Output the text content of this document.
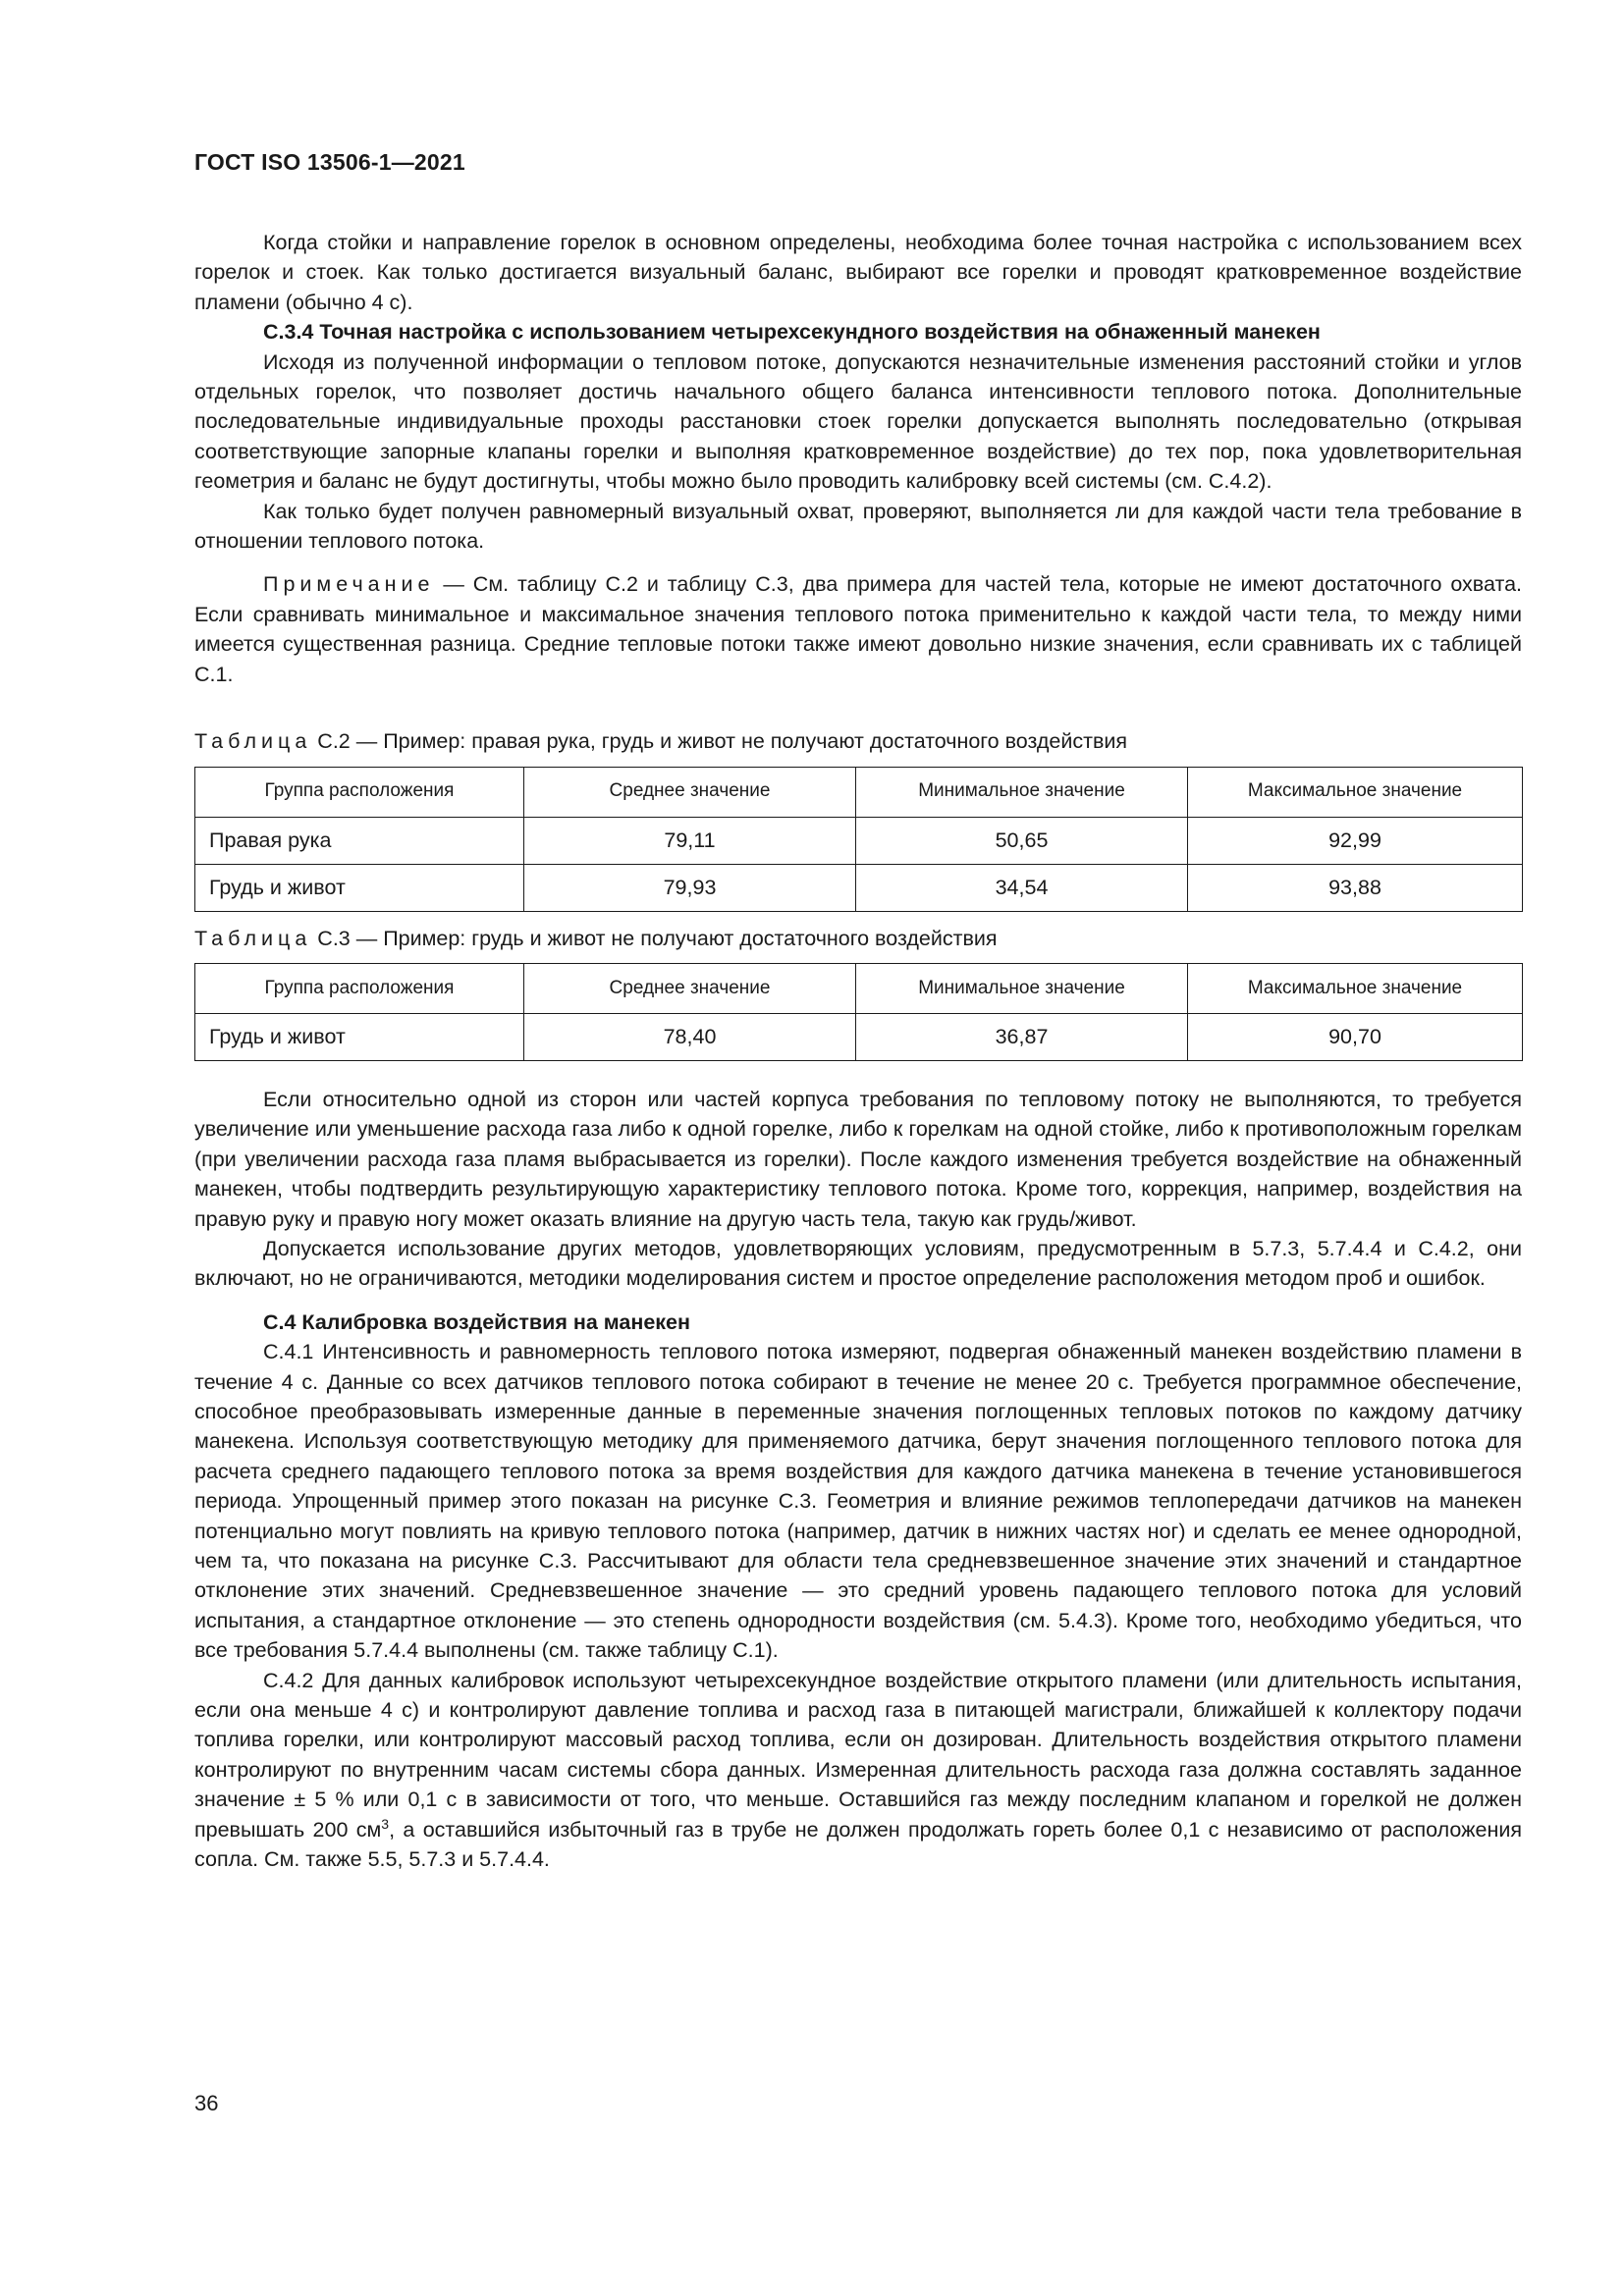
ГОСТ ISO 13506-1—2021

Когда стойки и направление горелок в основном определены, необходима более точная настройка с использованием всех горелок и стоек. Как только достигается визуальный баланс, выбирают все горелки и проводят кратковременное воздействие пламени (обычно 4 с).

С.3.4 Точная настройка с использованием четырехсекундного воздействия на обнаженный манекен

Исходя из полученной информации о тепловом потоке, допускаются незначительные изменения расстояний стойки и углов отдельных горелок, что позволяет достичь начального общего баланса интенсивности теплового потока. Дополнительные последовательные индивидуальные проходы расстановки стоек горелки допускается выполнять последовательно (открывая соответствующие запорные клапаны горелки и выполняя кратковременное воздействие) до тех пор, пока удовлетворительная геометрия и баланс не будут достигнуты, чтобы можно было проводить калибровку всей системы (см. С.4.2).

Как только будет получен равномерный визуальный охват, проверяют, выполняется ли для каждой части тела требование в отношении теплового потока.

Примечание — См. таблицу С.2 и таблицу С.3, два примера для частей тела, которые не имеют достаточного охвата. Если сравнивать минимальное и максимальное значения теплового потока применительно к каждой части тела, то между ними имеется существенная разница. Средние тепловые потоки также имеют довольно низкие значения, если сравнивать их с таблицей С.1.

Таблица С.2 — Пример: правая рука, грудь и живот не получают достаточного воздействия

Группа расположения	Среднее значение	Минимальное значение	Максимальное значение
Правая рука	79,11	50,65	92,99
Грудь и живот	79,93	34,54	93,88

Таблица С.3 — Пример: грудь и живот не получают достаточного воздействия

Группа расположения	Среднее значение	Минимальное значение	Максимальное значение
Грудь и живот	78,40	36,87	90,70

Если относительно одной из сторон или частей корпуса требования по тепловому потоку не выполняются, то требуется увеличение или уменьшение расхода газа либо к одной горелке, либо к горелкам на одной стойке, либо к противоположным горелкам (при увеличении расхода газа пламя выбрасывается из горелки). После каждого изменения требуется воздействие на обнаженный манекен, чтобы подтвердить результирующую характеристику теплового потока. Кроме того, коррекция, например, воздействия на правую руку и правую ногу может оказать влияние на другую часть тела, такую как грудь/живот.

Допускается использование других методов, удовлетворяющих условиям, предусмотренным в 5.7.3, 5.7.4.4 и С.4.2, они включают, но не ограничиваются, методики моделирования систем и простое определение расположения методом проб и ошибок.

С.4 Калибровка воздействия на манекен

С.4.1 Интенсивность и равномерность теплового потока измеряют, подвергая обнаженный манекен воздействию пламени в течение 4 с. Данные со всех датчиков теплового потока собирают в течение не менее 20 с. Требуется программное обеспечение, способное преобразовывать измеренные данные в переменные значения поглощенных тепловых потоков по каждому датчику манекена. Используя соответствующую методику для применяемого датчика, берут значения поглощенного теплового потока для расчета среднего падающего теплового потока за время воздействия для каждого датчика манекена в течение установившегося периода. Упрощенный пример этого показан на рисунке С.3. Геометрия и влияние режимов теплопередачи датчиков на манекен потенциально могут повлиять на кривую теплового потока (например, датчик в нижних частях ног) и сделать ее менее однородной, чем та, что показана на рисунке С.3. Рассчитывают для области тела средневзвешенное значение этих значений и стандартное отклонение этих значений. Средневзвешенное значение — это средний уровень падающего теплового потока для условий испытания, а стандартное отклонение — это степень однородности воздействия (см. 5.4.3). Кроме того, необходимо убедиться, что все требования 5.7.4.4 выполнены (см. также таблицу С.1).

С.4.2 Для данных калибровок используют четырехсекундное воздействие открытого пламени (или длительность испытания, если она меньше 4 с) и контролируют давление топлива и расход газа в питающей магистрали, ближайшей к коллектору подачи топлива горелки, или контролируют массовый расход топлива, если он дозирован. Длительность воздействия открытого пламени контролируют по внутренним часам системы сбора данных. Измеренная длительность расхода газа должна составлять заданное значение ± 5 % или 0,1 с в зависимости от того, что меньше. Оставшийся газ между последним клапаном и горелкой не должен превышать 200 $см^3$, а оставшийся избыточный газ в трубе не должен продолжать гореть более 0,1 с независимо от расположения сопла. См. также 5.5, 5.7.3 и 5.7.4.4.

36
